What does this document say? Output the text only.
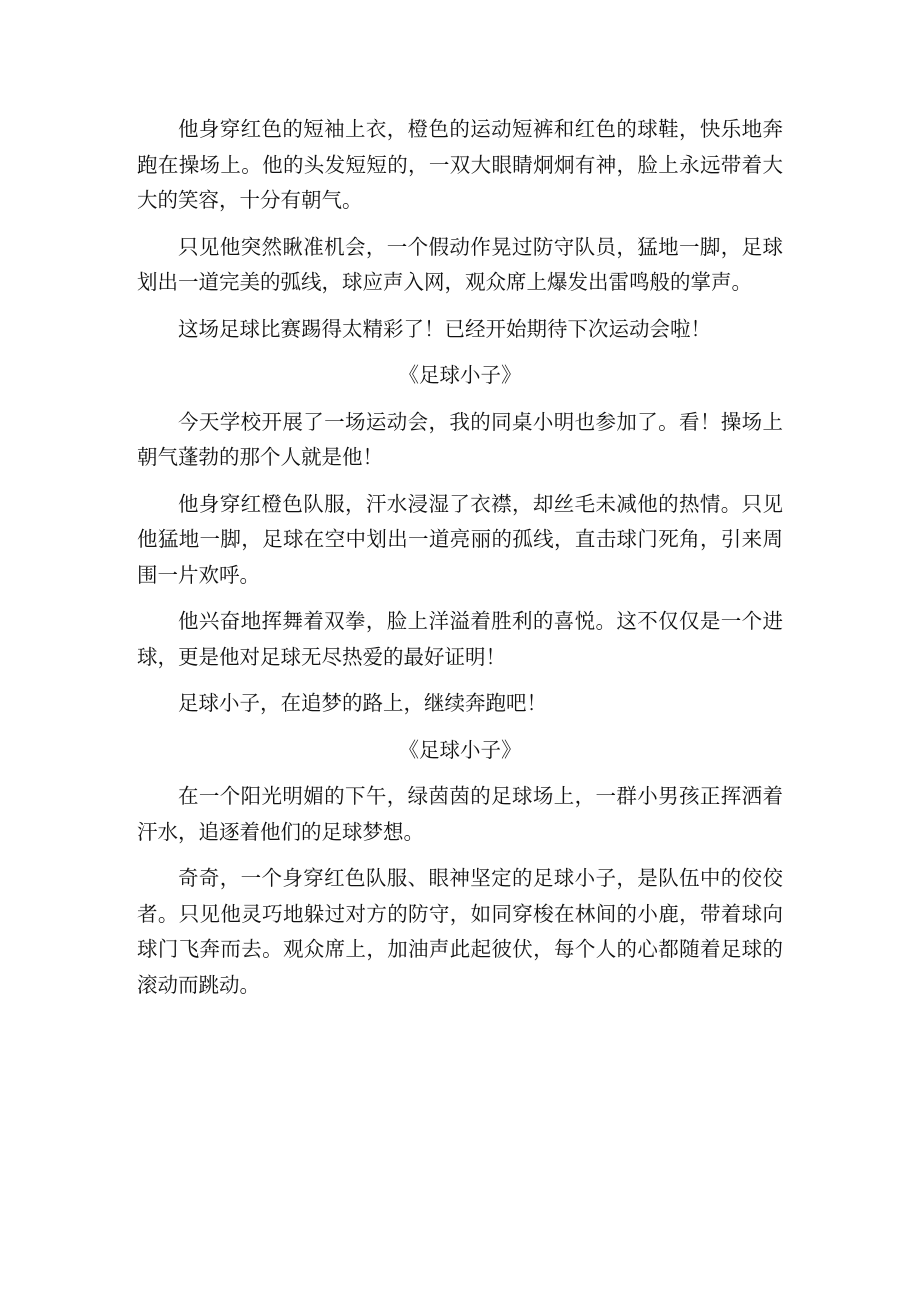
他身穿红色的短袖上衣，橙色的运动短裤和红色的球鞋，快乐地奔跑在操场上。他的头发短短的，一双大眼睛炯炯有神，脸上永远带着大大的笑容，十分有朝气。

只见他突然瞅准机会，一个假动作晃过防守队员，猛地一脚，足球划出一道完美的弧线，球应声入网，观众席上爆发出雷鸣般的掌声。

这场足球比赛踢得太精彩了！已经开始期待下次运动会啦！

《足球小子》

今天学校开展了一场运动会，我的同桌小明也参加了。看！操场上朝气蓬勃的那个人就是他！

他身穿红橙色队服，汗水浸湿了衣襟，却丝毛未减他的热情。只见他猛地一脚，足球在空中划出一道亮丽的孤线，直击球门死角，引来周围一片欢呼。

他兴奋地挥舞着双拳，脸上洋溢着胜利的喜悦。这不仅仅是一个进球，更是他对足球无尽热爱的最好证明！

足球小子，在追梦的路上，继续奔跑吧！

《足球小子》

在一个阳光明媚的下午，绿茵茵的足球场上，一群小男孩正挥洒着汗水，追逐着他们的足球梦想。

奇奇，一个身穿红色队服、眼神坚定的足球小子，是队伍中的佼佼者。只见他灵巧地躲过对方的防守，如同穿梭在林间的小鹿，带着球向球门飞奔而去。观众席上，加油声此起彼伏，每个人的心都随着足球的滚动而跳动。
